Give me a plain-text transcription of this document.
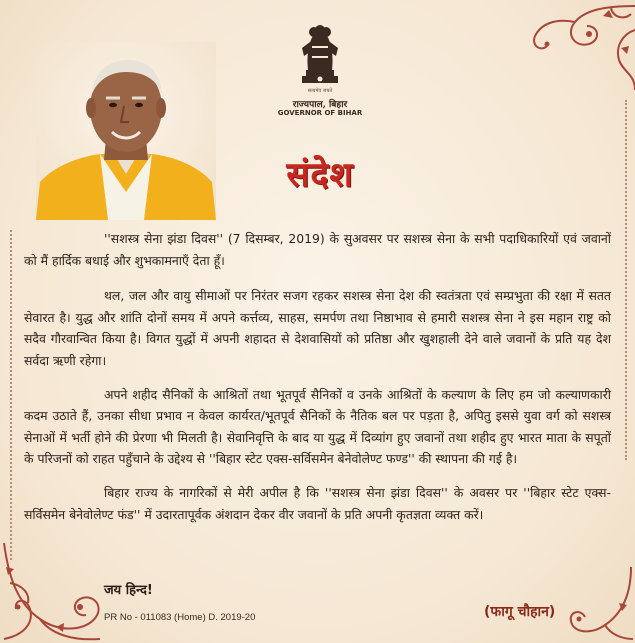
सत्यमेव जयते
राज्यपाल, बिहार
GOVERNOR OF BIHAR
संदेश

''सशस्त्र सेना झंडा दिवस'' (7 दिसम्बर, 2019) के सुअवसर पर सशस्त्र सेना के सभी पदाधिकारियों एवं जवानों को मैं हार्दिक बधाई और शुभकामनाएँ देता हूँ।

थल, जल और वायु सीमाओं पर निरंतर सजग रहकर सशस्त्र सेना देश की स्वतंत्रता एवं सम्प्रभुता की रक्षा में सतत सेवारत है। युद्ध और शांति दोनों समय में अपने कर्त्तव्य, साहस, समर्पण तथा निष्ठाभाव से हमारी सशस्त्र सेना ने इस महान राष्ट्र को सदैव गौरवान्वित किया है। विगत युद्धों में अपनी शहादत से देशवासियों को प्रतिष्ठा और खुशहाली देने वाले जवानों के प्रति यह देश सर्वदा ऋणी रहेगा।

अपने शहीद सैनिकों के आश्रितों तथा भूतपूर्व सैनिकों व उनके आश्रितों के कल्याण के लिए हम जो कल्याणकारी कदम उठाते हैं, उनका सीधा प्रभाव न केवल कार्यरत/भूतपूर्व सैनिकों के नैतिक बल पर पड़ता है, अपितु इससे युवा वर्ग को सशस्त्र सेनाओं में भर्ती होने की प्रेरणा भी मिलती है। सेवानिवृत्ति के बाद या युद्ध में दिव्यांग हुए जवानों तथा शहीद हुए भारत माता के सपूतों के परिजनों को राहत पहुँचाने के उद्देश्य से ''बिहार स्टेट एक्स-सर्विसमेन बेनेवोलेण्ट फण्ड'' की स्थापना की गई है।

बिहार राज्य के नागरिकों से मेरी अपील है कि ''सशस्त्र सेना झंडा दिवस'' के अवसर पर ''बिहार स्टेट एक्स-सर्विसमेन बेनेवोलेण्ट फंड'' में उदारतापूर्वक अंशदान देकर वीर जवानों के प्रति अपनी कृतज्ञता व्यक्त करें।

जय हिन्द!
PR No - 011083 (Home) D. 2019-20	(फागू चौहान)
